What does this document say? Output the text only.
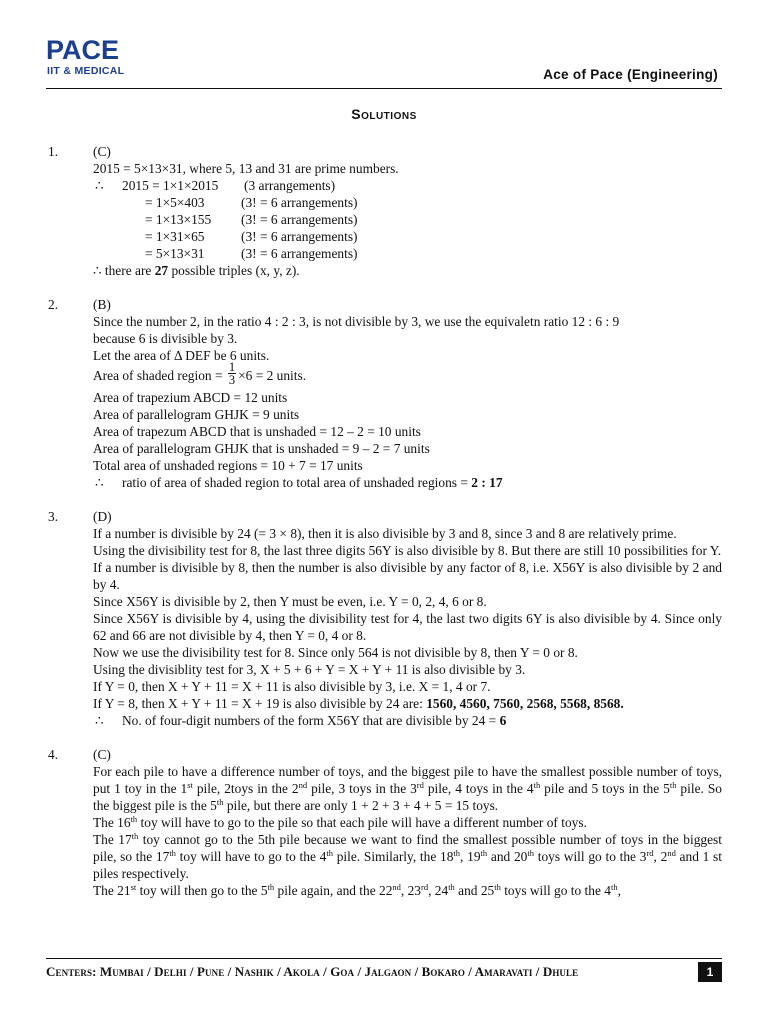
PACE
IIT & MEDICAL	Ace of Pace (Engineering)
Solutions
1.	(C)
2015 = 5×13×31, where 5, 13 and 31 are prime numbers.
∴ 2015 = 1×1×2015 (3 arrangements)
= 1×5×403	(3! = 6 arrangements)
= 1×13×155 (3! = 6 arrangements)
= 1×31×65	(3! = 6 arrangements)
= 5×13×31	(3! = 6 arrangements)
∴ there are 27 possible triples (x, y, z).
2.	(B)
Since the number 2, in the ratio 4 : 2 : 3, is not divisible by 3, we use the equivaletn ratio 12 : 6 : 9
because 6 is divisible by 3.
Let the area of Δ DEF be 6 units.
Area of shaded region = $\frac{1}{3} \times 6 = 2$ units.
Area of trapezium ABCD = 12 units
Area of parallelogram GHJK = 9 units
Area of trapezum ABCD that is unshaded = 12 – 2 = 10 units
Area of parallelogram GHJK that is unshaded = 9 – 2 = 7 units
Total area of unshaded regions = 10 + 7 = 17 units
∴ ratio of area of shaded region to total area of unshaded regions = 2 : 17
3.	(D)
If a number is divisible by 24 (= 3 × 8), then it is also divisible by 3 and 8, since 3 and 8 are relatively prime.
Using the divisibility test for 8, the last three digits 56Y is also divisible by 8. But there are still 10 possibilities for Y.
If a number is divisible by 8, then the number is also divisible by any factor of 8, i.e. X56Y is also divisible by 2 and by 4.
Since X56Y is divisible by 2, then Y must be even, i.e. Y = 0, 2, 4, 6 or 8.
Since X56Y is divisible by 4, using the divisibility test for 4, the last two digits 6Y is also divisible by 4. Since only 62 and 66 are not divisible by 4, then Y = 0, 4 or 8.
Now we use the divisibility test for 8. Since only 564 is not divisible by 8, then Y = 0 or 8.
Using the divisiblity test for 3, X + 5 + 6 + Y = X + Y + 11 is also divisible by 3.
If Y = 0, then X + Y + 11 = X + 11 is also divisible by 3, i.e. X = 1, 4 or 7.
If Y = 8, then X + Y + 11 = X + 19 is also divisible by 24 are: 1560, 4560, 7560, 2568, 5568, 8568.
∴ No. of four-digit numbers of the form X56Y that are divisible by 24 = 6
4.	(C)
For each pile to have a difference number of toys, and the biggest pile to have the smallest possible number of toys, put 1 toy in the 1st pile, 2toys in the 2nd pile, 3 toys in the 3rd pile, 4 toys in the 4th pile and 5 toys in the 5th pile. So the biggest pile is the 5th pile, but there are only 1 + 2 + 3 + 4 + 5 = 15 toys.
The 16th toy will have to go to the pile so that each pile will have a different number of toys.
The 17th toy cannot go to the 5th pile because we want to find the smallest possible number of toys in the biggest pile, so the 17th toy will have to go to the 4th pile. Similarly, the 18th, 19th and 20th toys will go to the 3rd, 2nd and 1 st piles respectively.
The 21st toy will then go to the 5th pile again, and the 22nd, 23rd, 24th and 25th toys will go to the 4th,
Centers: Mumbai / Delhi / Pune / Nashik / Akola / Goa / Jalgaon / Bokaro / Amaravati / Dhule	1
